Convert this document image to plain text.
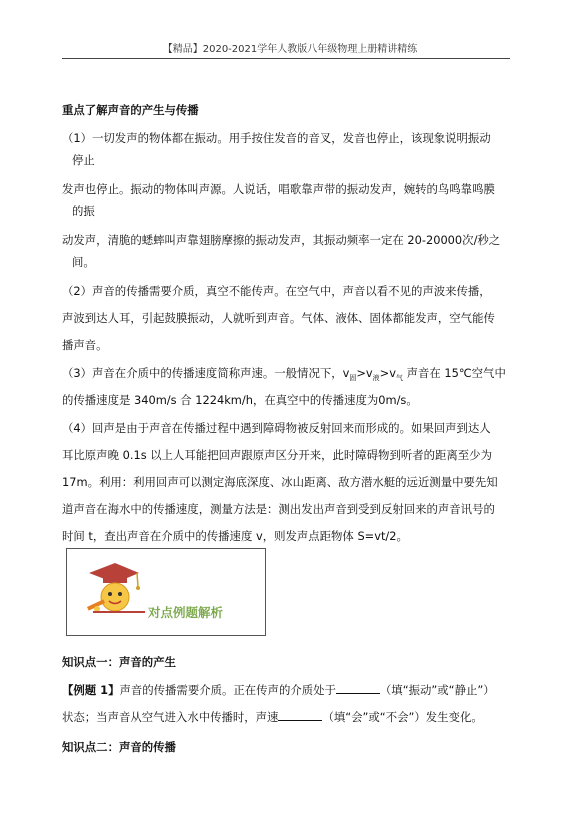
【精品】2020-2021学年人教版八年级物理上册精讲精练
重点了解声音的产生与传播
（1）一切发声的物体都在振动。用手按住发音的音叉，发音也停止，该现象说明振动
停止
发声也停止。振动的物体叫声源。人说话，唱歌靠声带的振动发声，婉转的鸟鸣靠鸣膜
的振
动发声，清脆的蟋蟀叫声靠翅膀摩擦的振动发声，其振动频率一定在 20-20000次/秒之
间。
（2）声音的传播需要介质，真空不能传声。在空气中，声音以看不见的声波来传播，
声波到达人耳，引起鼓膜振动，人就听到声音。气体、液体、固体都能发声，空气能传
播声音。
（3）声音在介质中的传播速度简称声速。一般情况下，$v_固>v_液>v_气$ 声音在 15℃空气中
的传播速度是 340m/s 合 1224km/h，在真空中的传播速度为0m/s。
（4）回声是由于声音在传播过程中遇到障碍物被反射回来而形成的。如果回声到达人
耳比原声晚 0.1s 以上人耳能把回声跟原声区分开来，此时障碍物到听者的距离至少为
17m。利用：利用回声可以测定海底深度、冰山距离、敌方潜水艇的远近测量中要先知
道声音在海水中的传播速度，测量方法是：测出发出声音到受到反射回来的声音讯号的
时间 t，查出声音在介质中的传播速度 v，则发声点距物体 S=vt/2。
对点例题解析
知识点一：声音的产生
【例题 1】声音的传播需要介质。正在传声的介质处于	（填“振动”或“静止”）
状态；当声音从空气进入水中传播时，声速	（填“会”或“不会”）发生变化。
知识点二：声音的传播
